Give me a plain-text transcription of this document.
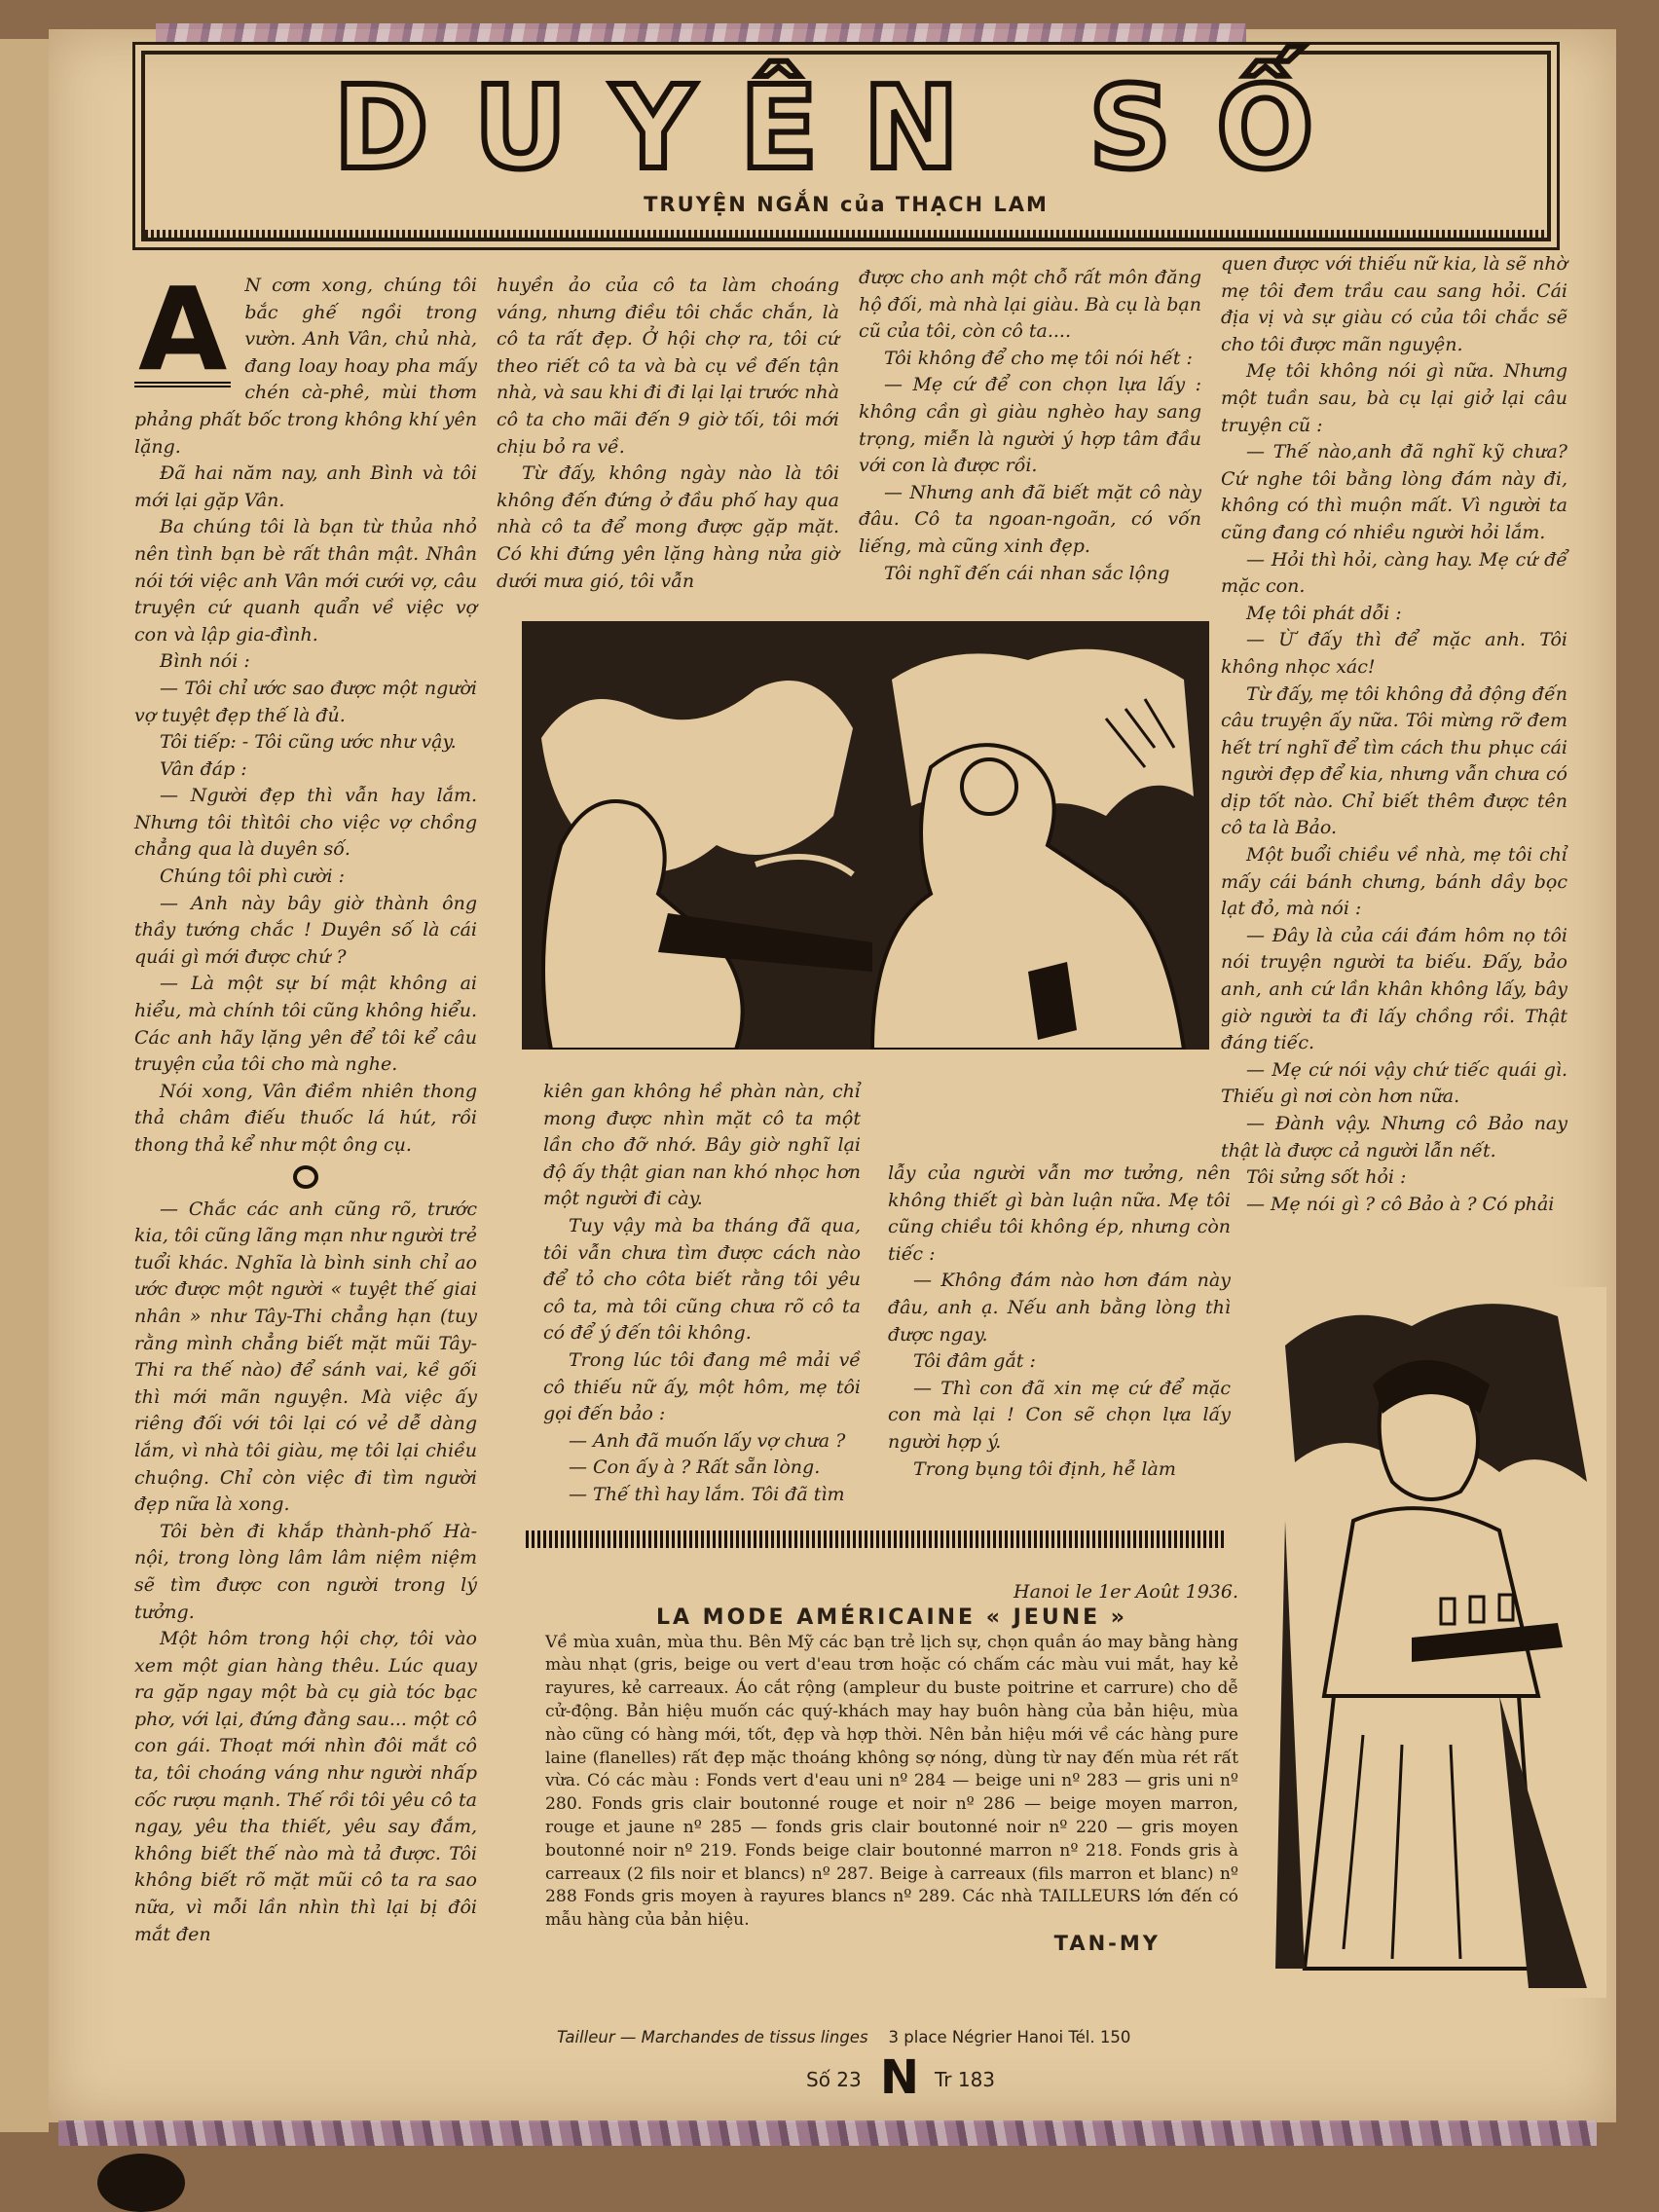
DUYÊN SỐ
TRUYỆN NGẮN của THẠCH LAM
A N cơm xong, chúng tôi bắc ghế ngồi trong vườn. Anh Vân, chủ nhà, đang loay hoay pha mấy chén cà-phê, mùi thơm phảng phất bốc trong không khí yên lặng.

Đã hai năm nay, anh Bình và tôi mới lại gặp Vân.

Ba chúng tôi là bạn từ thủa nhỏ nên tình bạn bè rất thân mật. Nhân nói tới việc anh Vân mới cưới vợ, câu truyện cứ quanh quẩn về việc vợ con và lập gia-đình.

Bình nói :

— Tôi chỉ ước sao được một người vợ tuyệt đẹp thế là đủ.

Tôi tiếp: - Tôi cũng ước như vậy.

Vân đáp :

— Người đẹp thì vẫn hay lắm. Nhưng tôi thìtôi cho việc vợ chồng chẳng qua là duyên số.

Chúng tôi phì cười :

— Anh này bây giờ thành ông thầy tướng chắc ! Duyên số là cái quái gì mới được chứ ?

— Là một sự bí mật không ai hiểu, mà chính tôi cũng không hiểu. Các anh hãy lặng yên để tôi kể câu truyện của tôi cho mà nghe.

Nói xong, Vân điềm nhiên thong thả châm điếu thuốc lá hút, rồi thong thả kể như một ông cụ.

— Chắc các anh cũng rõ, trước kia, tôi cũng lãng mạn như người trẻ tuổi khác. Nghĩa là bình sinh chỉ ao ước được một người « tuyệt thế giai nhân » như Tây-Thi chẳng hạn (tuy rằng mình chẳng biết mặt mũi Tây-Thi ra thế nào) để sánh vai, kề gối thì mới mãn nguyện. Mà việc ấy riêng đối với tôi lại có vẻ dễ dàng lắm, vì nhà tôi giàu, mẹ tôi lại chiều chuộng. Chỉ còn việc đi tìm người đẹp nữa là xong.

Tôi bèn đi khắp thành-phố Hà-nội, trong lòng lâm lâm niệm niệm sẽ tìm được con người trong lý tưởng.

Một hôm trong hội chợ, tôi vào xem một gian hàng thêu. Lúc quay ra gặp ngay một bà cụ già tóc bạc phơ, với lại, đứng đằng sau... một cô con gái. Thoạt mới nhìn đôi mắt cô ta, tôi choáng váng như người nhấp cốc rượu mạnh. Thế rồi tôi yêu cô ta ngay, yêu tha thiết, yêu say đắm, không biết thế nào mà tả được. Tôi không biết rõ mặt mũi cô ta ra sao nữa, vì mỗi lần nhìn thì lại bị đôi mắt đen

huyền ảo của cô ta làm choáng váng, nhưng điều tôi chắc chắn, là cô ta rất đẹp. Ở hội chợ ra, tôi cứ theo riết cô ta và bà cụ về đến tận nhà, và sau khi đi đi lại lại trước nhà cô ta cho mãi đến 9 giờ tối, tôi mới chịu bỏ ra về.

Từ đấy, không ngày nào là tôi không đến đứng ở đầu phố hay qua nhà cô ta để mong được gặp mặt. Có khi đứng yên lặng hàng nửa giờ dưới mưa gió, tôi vẫn

được cho anh một chỗ rất môn đăng hộ đối, mà nhà lại giàu. Bà cụ là bạn cũ của tôi, còn cô ta....

Tôi không để cho mẹ tôi nói hết :

— Mẹ cứ để con chọn lựa lấy : không cần gì giàu nghèo hay sang trọng, miễn là người ý hợp tâm đầu với con là được rồi.

— Nhưng anh đã biết mặt cô này đâu. Cô ta ngoan-ngoãn, có vốn liếng, mà cũng xinh đẹp.

Tôi nghĩ đến cái nhan sắc lộng

quen được với thiếu nữ kia, là sẽ nhờ mẹ tôi đem trầu cau sang hỏi. Cái địa vị và sự giàu có của tôi chắc sẽ cho tôi được mãn nguyện.

Mẹ tôi không nói gì nữa. Nhưng một tuần sau, bà cụ lại giở lại câu truyện cũ :

— Thế nào,anh đã nghĩ kỹ chưa? Cứ nghe tôi bằng lòng đám này đi, không có thì muộn mất. Vì người ta cũng đang có nhiều người hỏi lắm.

— Hỏi thì hỏi, càng hay. Mẹ cứ để mặc con.

Mẹ tôi phát dỗi :

— Ừ đấy thì để mặc anh. Tôi không nhọc xác!

Từ đấy, mẹ tôi không đả động đến câu truyện ấy nữa. Tôi mừng rỡ đem hết trí nghĩ để tìm cách thu phục cái người đẹp để kia, nhưng vẫn chưa có dịp tốt nào. Chỉ biết thêm được tên cô ta là Bảo.

Một buổi chiều về nhà, mẹ tôi chỉ mấy cái bánh chưng, bánh dầy bọc lạt đỏ, mà nói :

— Đây là của cái đám hôm nọ tôi nói truyện người ta biếu. Đấy, bảo anh, anh cứ lần khân không lấy, bây giờ người ta đi lấy chồng rồi. Thật đáng tiếc.

— Mẹ cứ nói vậy chứ tiếc quái gì. Thiếu gì nơi còn hơn nữa.

— Đành vậy. Nhưng cô Bảo nay thật là được cả người lẫn nết.

Tôi sửng sốt hỏi :

— Mẹ nói gì ? cô Bảo à ? Có phải

kiên gan không hề phàn nàn, chỉ mong được nhìn mặt cô ta một lần cho đỡ nhớ. Bây giờ nghĩ lại độ ấy thật gian nan khó nhọc hơn một người đi cày.

Tuy vậy mà ba tháng đã qua, tôi vẫn chưa tìm được cách nào để tỏ cho côta biết rằng tôi yêu cô ta, mà tôi cũng chưa rõ cô ta có để ý đến tôi không.

Trong lúc tôi đang mê mải về cô thiếu nữ ấy, một hôm, mẹ tôi gọi đến bảo :

— Anh đã muốn lấy vợ chưa ?

— Con ấy à ? Rất sẵn lòng.

— Thế thì hay lắm. Tôi đã tìm

lẫy của người vẫn mơ tưởng, nên không thiết gì bàn luận nữa. Mẹ tôi cũng chiều tôi không ép, nhưng còn tiếc :

— Không đám nào hơn đám này đâu, anh ạ. Nếu anh bằng lòng thì được ngay.

Tôi đâm gắt :

— Thì con đã xin mẹ cứ để mặc con mà lại ! Con sẽ chọn lựa lấy người hợp ý.

Trong bụng tôi định, hễ làm

Hanoi le 1er Août 1936.
LA MODE AMÉRICAINE « JEUNE »
Về mùa xuân, mùa thu. Bên Mỹ các bạn trẻ lịch sự, chọn quần áo may bằng hàng màu nhạt (gris, beige ou vert d'eau trơn hoặc có chấm các màu vui mắt, hay kẻ rayures, kẻ carreaux. Áo cắt rộng (ampleur du buste poitrine et carrure) cho dễ cử-động. Bản hiệu muốn các quý-khách may hay buôn hàng của bản hiệu, mùa nào cũng có hàng mới, tốt, đẹp và hợp thời. Nên bản hiệu mới về các hàng pure laine (flanelles) rất đẹp mặc thoáng không sợ nóng, dùng từ nay đến mùa rét rất vừa. Có các màu : Fonds vert d'eau uni nº 284 — beige uni nº 283 — gris uni nº 280. Fonds gris clair boutonné rouge et noir nº 286 — beige moyen marron, rouge et jaune nº 285 — fonds gris clair boutonné noir nº 220 — gris moyen boutonné noir nº 219. Fonds beige clair boutonné marron nº 218. Fonds gris à carreaux (2 fils noir et blancs) nº 287. Beige à carreaux (fils marron et blanc) nº 288 Fonds gris moyen à rayures blancs nº 289. Các nhà TAILLEURS lớn đến có mẫu hàng của bản hiệu.
TAN-MY
Tailleur — Marchandes de tissus linges 3 place Négrier Hanoi Tél. 150
Số 23 N Tr 183
